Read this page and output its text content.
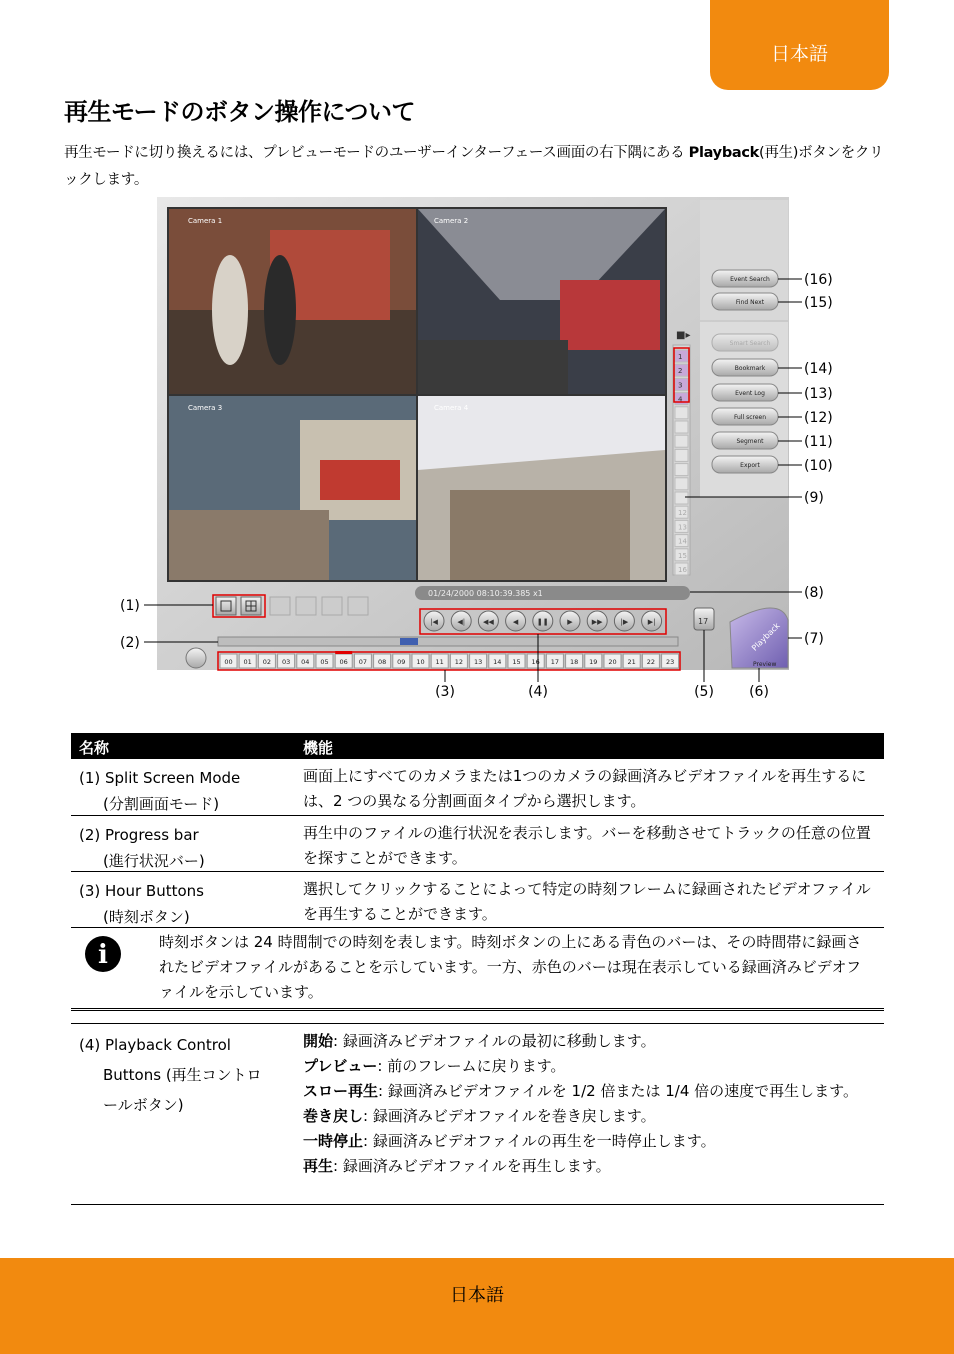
日本語
再生モードのボタン操作について
再生モードに切り換えるには、プレビューモードのユーザーインターフェース画面の右下隅にある Playback(再生)ボタンをクリックします。
Camera 1	Camera 2
Camera 3	Camera 4
1
2
3
4
12
13
14
15
16
■▸
01/24/2000 08:10:39.385 x1
|◀	◀|	◀◀	◀	❚❚	▶	▶▶	|▶	▶|	17
00 01 02 03 04 05 06 07 08 09 10 11 12 13 14 15 16 17 18 19 20 21 22 23
Playback
Preview
Event Search
Find Next
Smart Search
Bookmark
Event Log
Full screen
Segment
Export
(16)
(15)
(14)
(13)
(12)
(11)
(10)
(9)
(8)
(7)
(1)
(2)
(3)	(4)	(5)	(6)
名称	機能
(1) Split Screen Mode
(分割画面モード)
画面上にすべてのカメラまたは1つのカメラの録画済みビデオファイルを再生するには、2 つの異なる分割画面タイプから選択します。
(2) Progress bar
(進行状況バー)
再生中のファイルの進行状況を表示します。バーを移動させてトラックの任意の位置を探すことができます。
(3) Hour Buttons
(時刻ボタン)
選択してクリックすることによって特定の時刻フレームに録画されたビデオファイルを再生することができます。
i	時刻ボタンは 24 時間制での時刻を表します。時刻ボタンの上にある青色のバーは、その時間帯に録画されたビデオファイルがあることを示しています。一方、赤色のバーは現在表示している録画済みビデオファイルを示しています。
(4) Playback Control
Buttons (再生コントロ
ールボタン)
開始: 録画済みビデオファイルの最初に移動します。
プレビュー: 前のフレームに戻ります。
スロー再生: 録画済みビデオファイルを 1/2 倍または 1/4 倍の速度で再生します。
巻き戻し: 録画済みビデオファイルを巻き戻します。
一時停止: 録画済みビデオファイルの再生を一時停止します。
再生: 録画済みビデオファイルを再生します。
日本語
